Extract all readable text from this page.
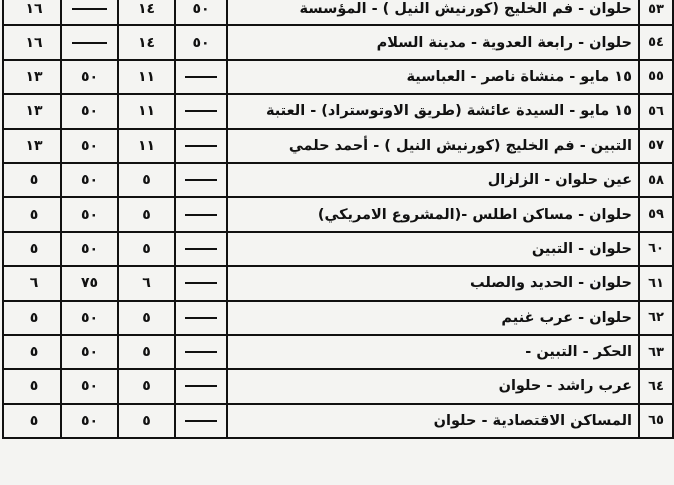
٥٣
حلوان - فم الخليج (كورنيش النيل ) - المؤسسة
٥٠
١٤
١٦
٥٤
حلوان - رابعة العدوية - مدينة السلام
٥٠
١٤
١٦
٥٥
١٥ مايو - منشاة ناصر - العباسية
١١
٥٠
١٣
٥٦
١٥ مايو - السيدة عائشة (طريق الاوتوستراد) - العتبة
١١
٥٠
١٣
٥٧
التبين - فم الخليج (كورنيش النيل ) - أحمد حلمي
١١
٥٠
١٣
٥٨
عين حلوان - الزلزال
٥
٥٠
٥
٥٩
حلوان - مساكن اطلس -(المشروع الامريكي)
٥
٥٠
٥
٦٠
حلوان - التبين
٥
٥٠
٥
٦١
حلوان - الحديد والصلب
٦
٧٥
٦
٦٢
حلوان - عرب غنيم
٥
٥٠
٥
٦٣
الحكر - التبين -
٥
٥٠
٥
٦٤
عرب راشد - حلوان
٥
٥٠
٥
٦٥
المساكن الاقتصادية - حلوان
٥
٥٠
٥
